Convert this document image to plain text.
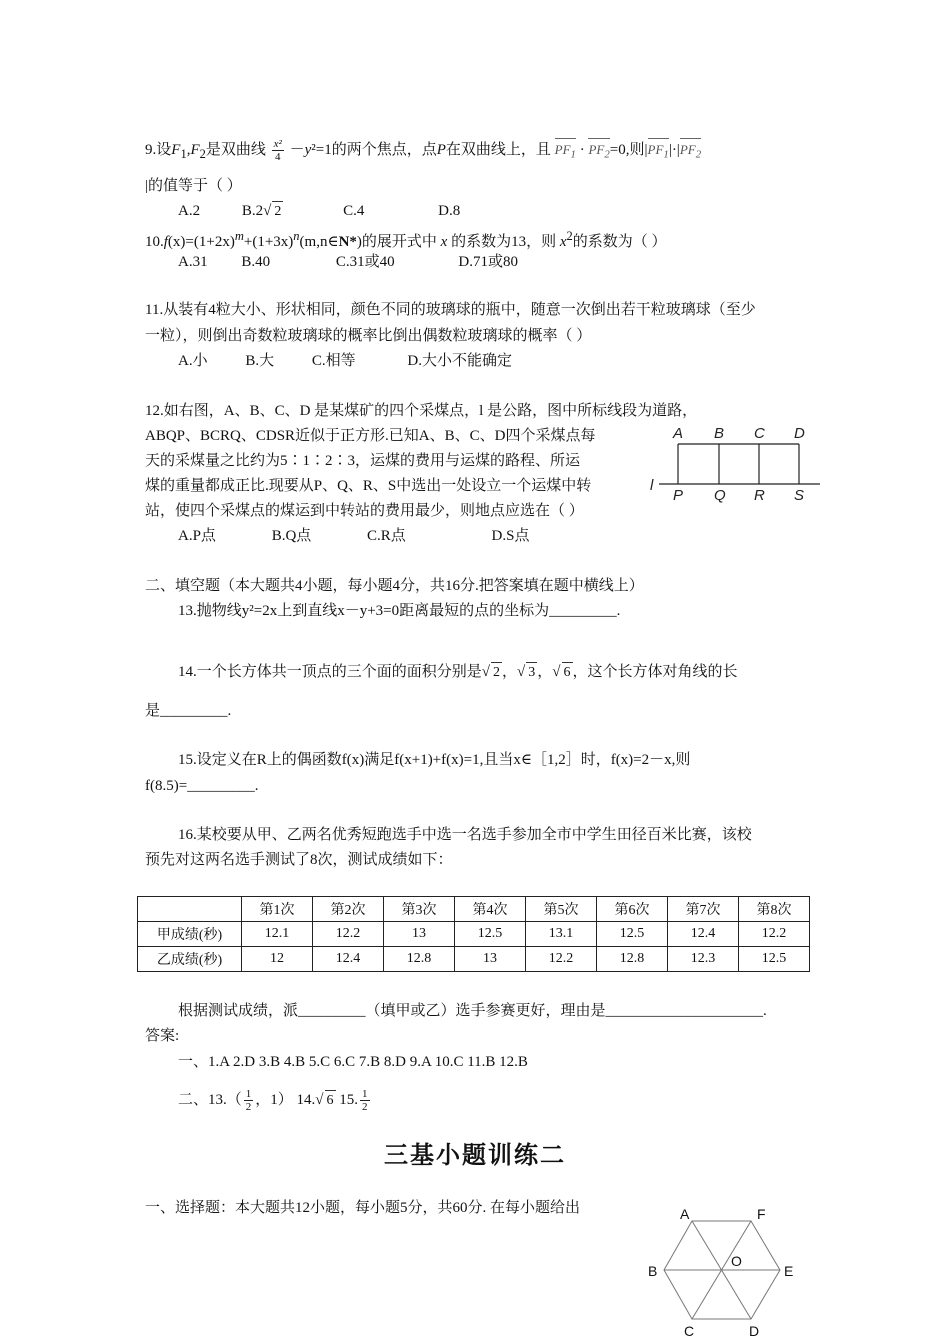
9.设$F_1,F_2$是双曲线 $\frac{\text{x²}}{4} -y^2=1$的两个焦点，点P在双曲线上，且 $PF_1 \cdot PF_2=0$,则$|PF_1|\cdot|PF_2$
|的值等于（ ）
A.2	B.2√ 2	C.4	D.8
$10.f(x)=(1+2x)^m+(1+3x)^n(m,n\in N*)$的展开式中 x 的系数为13，则 $x^2$的系数为（ ）
A.31 B.40	C.31或40	D.71或80
11.从装有4粒大小、形状相同，颜色不同的玻璃球的瓶中，随意一次倒出若干粒玻璃球（至少
一粒），则倒出奇数粒玻璃球的概率比倒出偶数粒玻璃球的概率（ ）
A.小	B.大	C.相等	D.大小不能确定
12.如右图，A、B、C、D 是某煤矿的四个采煤点，l 是公路，图中所标线段为道路，
ABQP、BCRQ、CDSR近似于正方形.已知A、B、C、D四个采煤点每
天的采煤量之比约为5∶1∶2∶3，运煤的费用与运煤的路程、所运
煤的重量都成正比.现要从P、Q、R、S中选出一处设立一个运煤中转
站，使四个采煤点的煤运到中转站的费用最少，则地点应选在（ ）
A.P点	B.Q点	C.R点	D.S点
A B C D
l
P Q R S
二、填空题（本大题共4小题，每小题4分，共16分.把答案填在题中横线上）
13.抛物线y²=2x上到直线x－y+3=0距离最短的点的坐标为_________.
14.一个长方体共一顶点的三个面的面积分别是√ 2 ，√ 3 ，√ 6 ，这个长方体对角线的长
是_________.
15.设定义在R上的偶函数f(x)满足f(x+1)+f(x)=1,且当x∈［1,2］时，f(x)=2－x,则
f(8.5)=_________.
16.某校要从甲、乙两名优秀短跑选手中选一名选手参加全市中学生田径百米比赛，该校
预先对这两名选手测试了8次，测试成绩如下：
	第1次	第2次	第3次	第4次	第5次	第6次	第7次	第8次
甲成绩(秒)	12.1	12.2	13	12.5	13.1	12.5	12.4	12.2
乙成绩(秒)	12	12.4	12.8	13	12.2	12.8	12.3	12.5
根据测试成绩，派_________（填甲或乙）选手参赛更好，理由是_____________________.
答案:
一、1.A 2.D 3.B 4.B 5.C 6.C 7.B 8.D 9.A 10.C 11.B 12.B
二、$13.( \frac{1}{2}$ ，1） 14.√ 6 15. $\frac{1}{2}$
三基小题训练二
一、选择题：本大题共12小题，每小题5分，共60分. 在每小题给出	A	F
B
O
E
C	D
